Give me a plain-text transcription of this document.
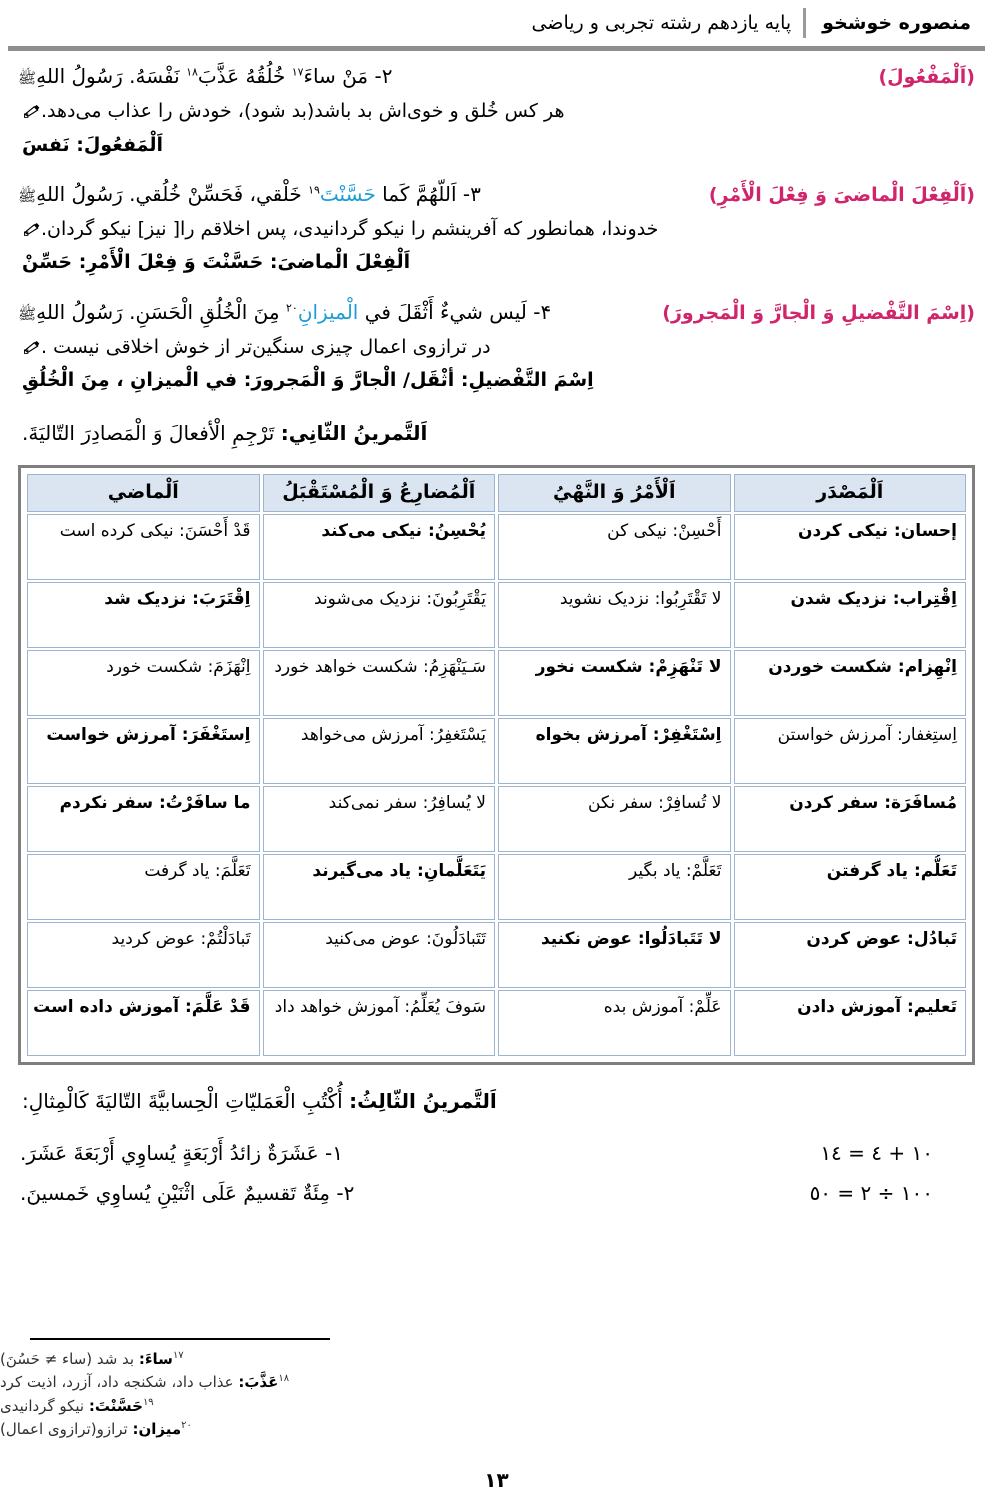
منصوره خوشخو
پایه یازدهم رشته تجربی و ریاضی
(اَلْمَفْعُولَ)
٢- مَنْ ساءَ$^{١٧}$ خُلُقُهُ عَذَّبَ$^{١٨}$ نَفْسَهُ. رَسُولُ اللهِﷺ
هر کس خُلق و خوی‌اش بد باشد(بد شود)، خودش را عذاب می‌دهد.
اَلْمَفعُولَ: نَفسَ
(اَلْفِعْلَ الْماضیَ وَ فِعْلَ الْأَمْرِ)
٣- اَللّهُمَّ کَما حَسَّنْتَ$^{١٩}$ خَلْقي، فَحَسِّنْ خُلُقي. رَسُولُ اللهِﷺ
خدوندا، همانطور که آفرینشم را نیکو گردانیدی، پس اخلاقم را[ نیز] نیکو گردان.
اَلْفِعْلَ الْماضیَ: حَسَّنْتَ وَ فِعْلَ الْأَمْرِ: حَسِّنْ
(اِسْمَ التَّفْضیلِ وَ الْجارَّ وَ الْمَجرورَ)
۴- لَیس شيءٌ أَثْقَلَ في الْمیزانِ$^{٢٠}$ مِنَ الْخُلُقِ الْحَسَنِ. رَسُولُ اللهِﷺ
در ترازوی اعمال چیزی سنگین‌تر از خوش اخلاقی نیست .
اِسْمَ التَّفْضیلِ: أثْقَل/ الْجارَّ وَ الْمَجرورَ: في الْمیزانِ ، مِنَ الْخُلُقِ
اَلتَّمرینُ الثّانِي: تَرْجِمِ الْأفعالَ وَ الْمَصادِرَ التّالیَةَ.
اَلْمَصْدَر	اَلْأَمْرُ وَ النَّهْيُ	اَلْمُضارِعُ وَ الْمُسْتَقْبَلُ	اَلْماضي
إحسان: نیکی کردن	أَحْسِنْ: نیکی کن	یُحْسِنُ: نیکی می‌کند	قَدْ أَحْسَنَ: نیکی کرده است
اِقْتِراب: نزدیک شدن	لا تَقْتَرِبُوا: نزدیک نشوید	یَقْتَرِبُونَ: نزدیک می‌شوند	اِقْتَرَبَ: نزدیک شد
اِنْهِزام: شکست خوردن	لا تَنْهَزِمْ: شکست نخور	سَـیَنْهَزِمُ: شکست خواهد خورد	اِنْهَزَمَ: شکست خورد
اِستِغفار: آمرزش خواستن	اِسْتَغْفِرْ: آمرزش بخواه	یَسْتَغفِرُ: آمرزش می‌خواهد	اِستَغْفَرَ: آمرزش خواست
مُسافَرَة: سفر کردن	لا تُسافِرْ: سفر نکن	لا یُسافِرُ: سفر نمی‌کند	ما سافَرْتُ: سفر نکردم
تَعَلُّم: یاد گرفتن	تَعَلَّمْ: یاد بگیر	یَتَعَلَّمانِ: یاد می‌گیرند	تَعَلَّمَ: یاد گرفت
تَبادُل: عوض کردن	لا تَتَبادَلُوا: عوض نکنید	تَتَبادَلُونَ: عوض می‌کنید	تَبادَلْتُمْ: عوض کردید
تَعلیم: آموزش دادن	عَلِّمْ: آموزش بده	سَوفَ یُعَلِّمُ: آموزش خواهد داد	قَدْ عَلَّمَ: آموزش داده است
اَلتَّمرینُ الثّالِثُ: أُكْتُبِ الْعَمَلیّاتِ الْحِسابیَّةَ التّالیَةَ كَالْمِثالِ:
١٠ + ٤ = ١٤
١- عَشَرَةٌ زائدُ أَرْبَعَةٍ یُساوِي أَرْبَعَةَ عَشَرَ.
١٠٠ ÷ ٢ = ٥٠
٢- مِئَةٌ تَقسیمٌ عَلَی اثْنَیْنِ یُساوِي خَمسینَ.
$^{١٧}$ساءَ: بد شد (ساء ≠ حَسُنَ)
$^{١٨}$عَذَّبَ: عذاب داد، شکنجه داد، آزرد، اذیت کرد
$^{١٩}$حَسَّنْتَ: نیکو گردانیدی
$^{٢٠}$میزان: ترازو(ترازوی اعمال)
١٣
